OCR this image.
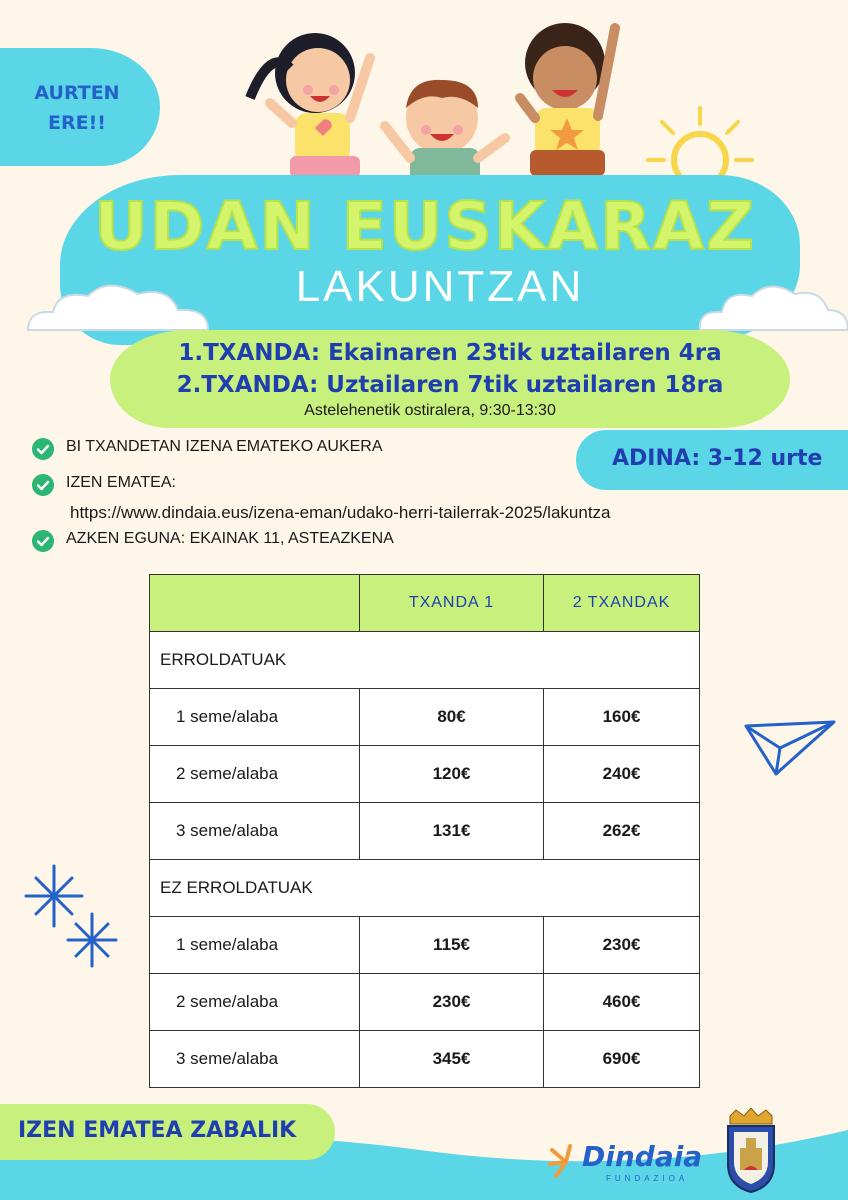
AURTEN
ERE!!
UDAN EUSKARAZ
LAKUNTZAN
1.TXANDA: Ekainaren 23tik uztailaren 4ra
2.TXANDA: Uztailaren 7tik uztailaren 18ra
Astelehenetik ostiralera, 9:30-13:30
ADINA: 3-12 urte
BI TXANDETAN IZENA EMATEKO AUKERA
IZEN EMATEA:
https://www.dindaia.eus/izena-eman/udako-herri-tailerrak-2025/lakuntza
AZKEN EGUNA: EKAINAK 11, ASTEAZKENA
	TXANDA 1	2 TXANDAK
ERROLDATUAK		
1 seme/alaba	80€	160€
2 seme/alaba	120€	240€
3 seme/alaba	131€	262€
EZ ERROLDATUAK		
1 seme/alaba	115€	230€
2 seme/alaba	230€	460€
3 seme/alaba	345€	690€
IZEN EMATEA ZABALIK
Dindaia
FUNDAZIOA
